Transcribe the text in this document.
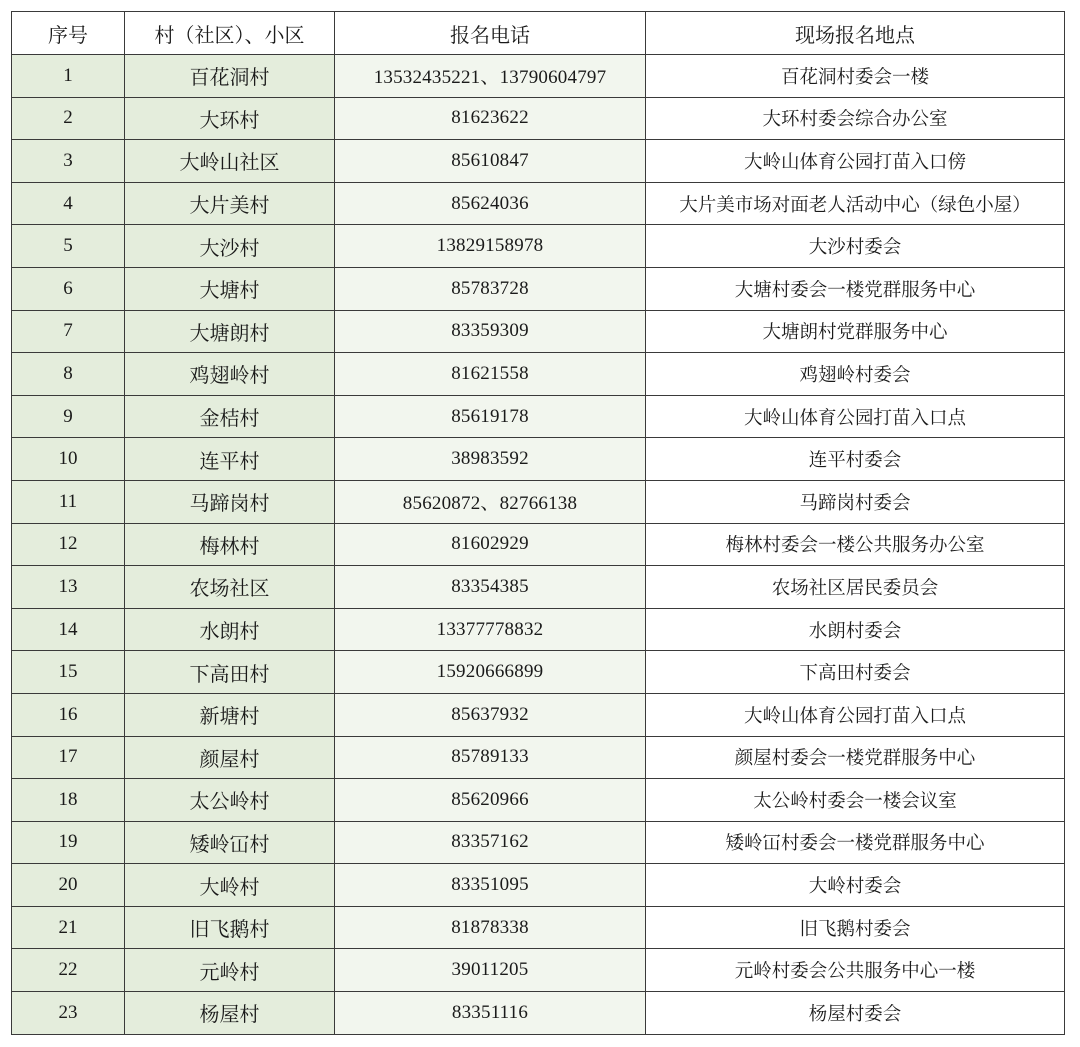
序号	村（社区）、小区	报名电话	现场报名地点
1	百花洞村	13532435221、13790604797	百花洞村委会一楼
2	大环村	81623622	大环村委会综合办公室
3	大岭山社区	85610847	大岭山体育公园打苗入口傍
4	大片美村	85624036	大片美市场对面老人活动中心（绿色小屋）
5	大沙村	13829158978	大沙村委会
6	大塘村	85783728	大塘村委会一楼党群服务中心
7	大塘朗村	83359309	大塘朗村党群服务中心
8	鸡翅岭村	81621558	鸡翅岭村委会
9	金桔村	85619178	大岭山体育公园打苗入口点
10	连平村	38983592	连平村委会
11	马蹄岗村	85620872、82766138	马蹄岗村委会
12	梅林村	81602929	梅林村委会一楼公共服务办公室
13	农场社区	83354385	农场社区居民委员会
14	水朗村	13377778832	水朗村委会
15	下高田村	15920666899	下高田村委会
16	新塘村	85637932	大岭山体育公园打苗入口点
17	颜屋村	85789133	颜屋村委会一楼党群服务中心
18	太公岭村	85620966	太公岭村委会一楼会议室
19	矮岭冚村	83357162	矮岭冚村委会一楼党群服务中心
20	大岭村	83351095	大岭村委会
21	旧飞鹅村	81878338	旧飞鹅村委会
22	元岭村	39011205	元岭村委会公共服务中心一楼
23	杨屋村	83351116	杨屋村委会
